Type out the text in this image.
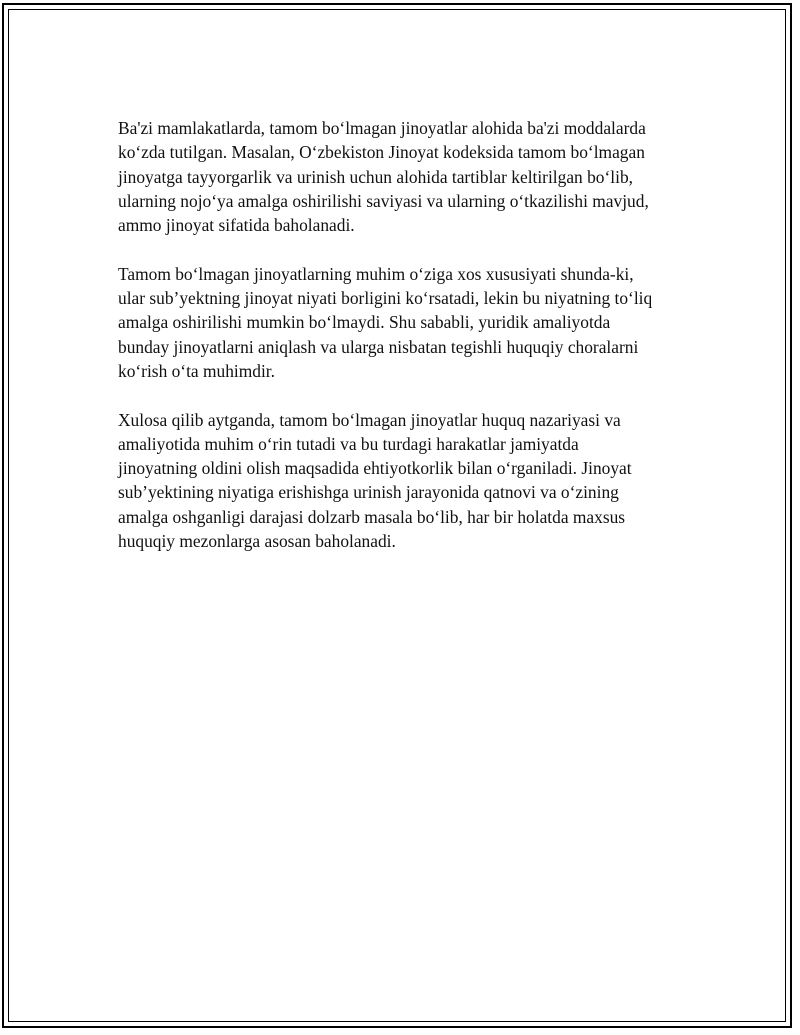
Ba'zi mamlakatlarda, tamom bo‘lmagan jinoyatlar alohida ba'zi moddalarda
ko‘zda tutilgan. Masalan, O‘zbekiston Jinoyat kodeksida tamom bo‘lmagan
jinoyatga tayyorgarlik va urinish uchun alohida tartiblar keltirilgan bo‘lib,
ularning nojo‘ya amalga oshirilishi saviyasi va ularning o‘tkazilishi mavjud,
ammo jinoyat sifatida baholanadi.

Tamom bo‘lmagan jinoyatlarning muhim o‘ziga xos xususiyati shunda-ki,
ular sub’yektning jinoyat niyati borligini ko‘rsatadi, lekin bu niyatning to‘liq
amalga oshirilishi mumkin bo‘lmaydi. Shu sababli, yuridik amaliyotda
bunday jinoyatlarni aniqlash va ularga nisbatan tegishli huquqiy choralarni
ko‘rish o‘ta muhimdir.

Xulosa qilib aytganda, tamom bo‘lmagan jinoyatlar huquq nazariyasi va
amaliyotida muhim o‘rin tutadi va bu turdagi harakatlar jamiyatda
jinoyatning oldini olish maqsadida ehtiyotkorlik bilan o‘rganiladi. Jinoyat
sub’yektining niyatiga erishishga urinish jarayonida qatnovi va o‘zining
amalga oshganligi darajasi dolzarb masala bo‘lib, har bir holatda maxsus
huquqiy mezonlarga asosan baholanadi.
